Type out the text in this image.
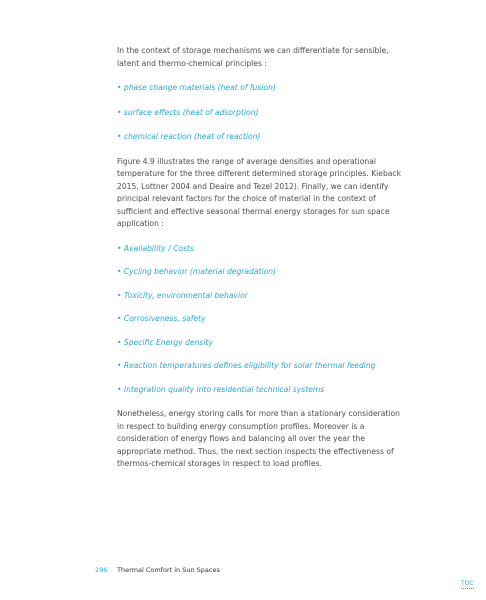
In the context of storage mechanisms we can differentiate for sensible, latent and thermo-chemical principles :

• phase change materials (heat of fusion)

• surface effects (heat of adsorption)

• chemical reaction (heat of reaction)

Figure 4.9 illustrates the range of average densities and operational temperature for the three different determined storage principles. Kieback 2015, Lottner 2004 and Deaire and Tezel 2012). Finally, we can identify principal relevant factors for the choice of material in the context of sufficient and effective seasonal thermal energy storages for sun space application :

• Availability / Costs

• Cycling behavior (material degradation)

• Toxicity, environmental behavior

• Corrosiveness, safety

• Specific Energy density

• Reaction temperatures defines eligibility for solar thermal feeding

• Integration quality into residential technical systems

Nonetheless, energy storing calls for more than a stationary consideration in respect to building energy consumption profiles. Moreover is a consideration of energy flows and balancing all over the year the appropriate method. Thus, the next section inspects the effectiveness of thermos-chemical storages in respect to load profiles.

296 Thermal Comfort in Sun Spaces
TOC
